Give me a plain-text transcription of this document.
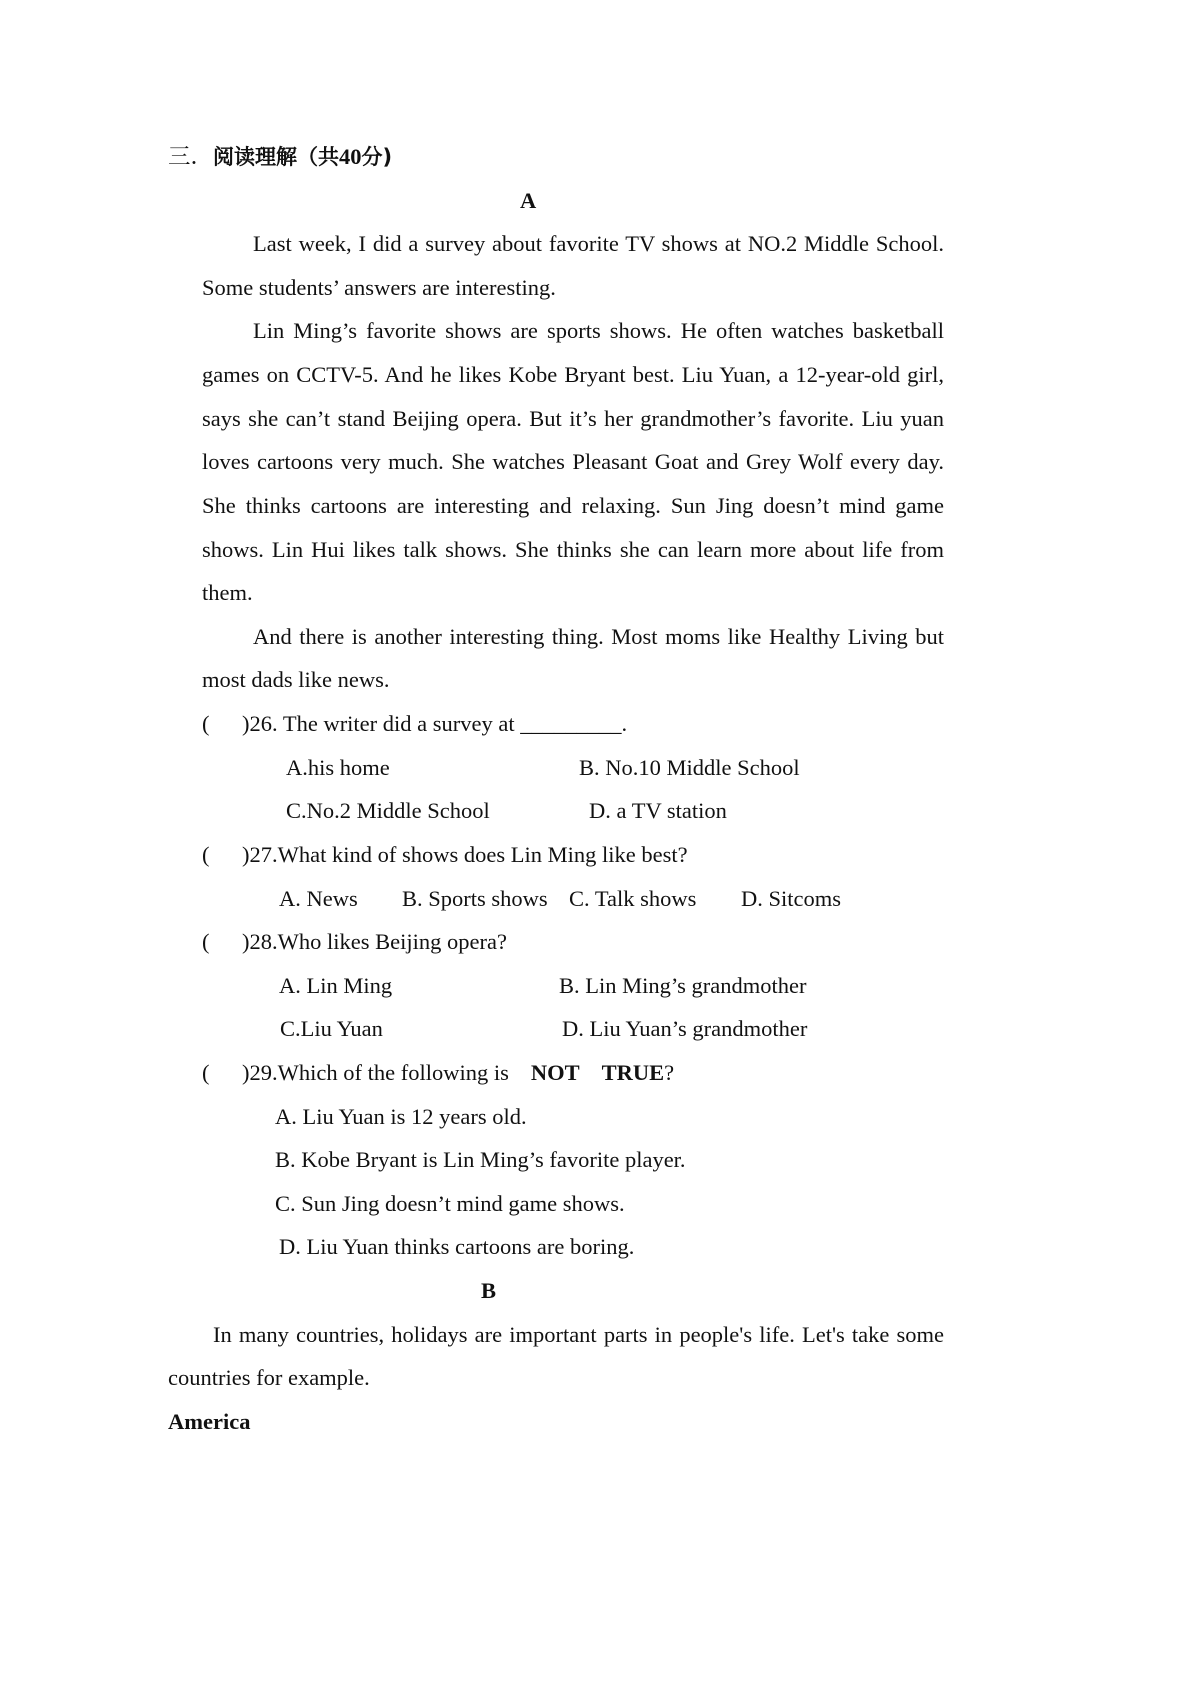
三．阅读理解（共40分)
A
Last week, I did a survey about favorite TV shows at NO.2 Middle School.
Some students’ answers are interesting.
Lin Ming’s favorite shows are sports shows. He often watches basketball
games on CCTV-5. And he likes Kobe Bryant best. Liu Yuan, a 12-year-old girl,
says she can’t stand Beijing opera. But it’s her grandmother’s favorite. Liu yuan
loves cartoons very much. She watches Pleasant Goat and Grey Wolf every day.
She thinks cartoons are interesting and relaxing. Sun Jing doesn’t mind game
shows. Lin Hui likes talk shows. She thinks she can learn more about life from
them.
And there is another interesting thing. Most moms like Healthy Living but
most dads like news.
( )26. The writer did a survey at _________.
A.his home	B. No.10 Middle School
C.No.2 Middle School	D. a TV station
( )27.What kind of shows does Lin Ming like best?
A. News B. Sports shows C. Talk shows D. Sitcoms
( )28.Who likes Beijing opera?
A. Lin Ming	B. Lin Ming’s grandmother
C.Liu Yuan	D. Liu Yuan’s grandmother
( )29.Which of the following is NOT TRUE?
A. Liu Yuan is 12 years old.
B. Kobe Bryant is Lin Ming’s favorite player.
C. Sun Jing doesn’t mind game shows.
D. Liu Yuan thinks cartoons are boring.
B
In many countries, holidays are important parts in people's life. Let's take some
countries for example.
America
